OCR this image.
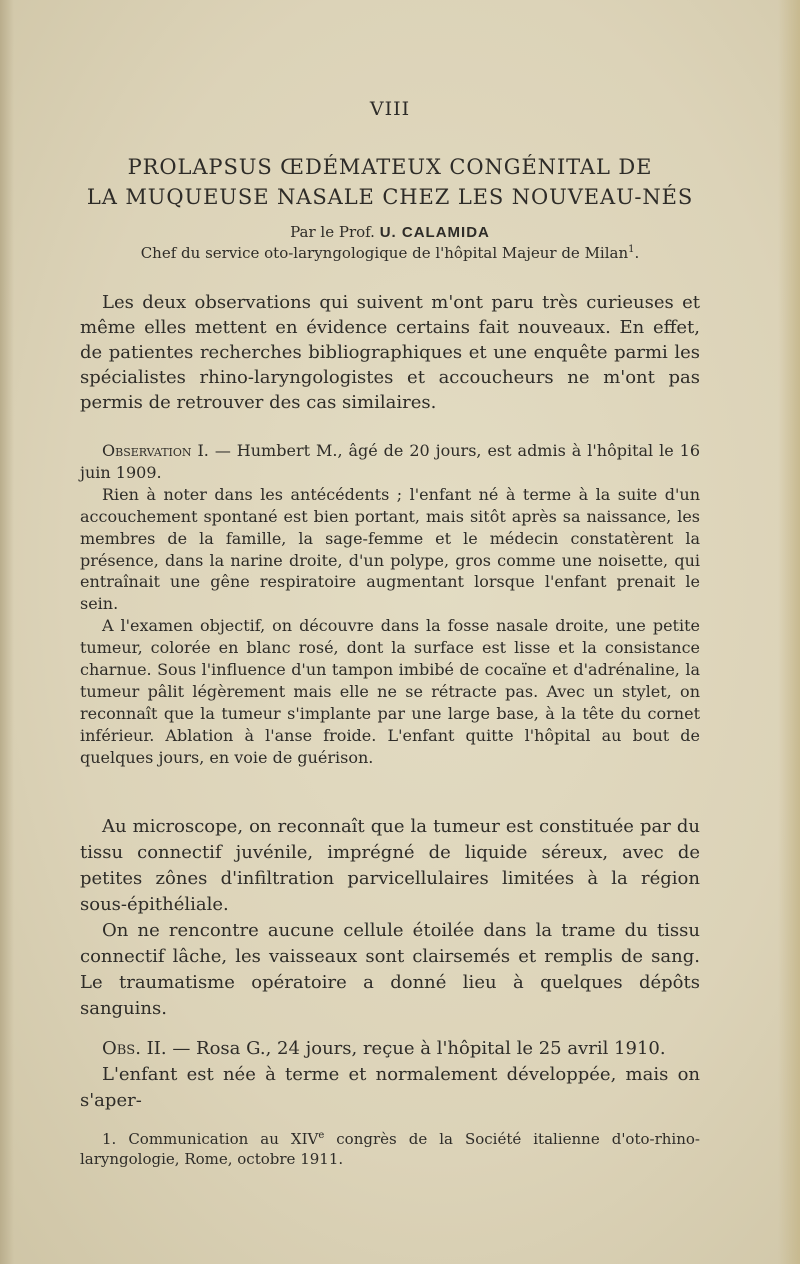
VIII
PROLAPSUS ŒDÉMATEUX CONGÉNITAL DE
LA MUQUEUSE NASALE CHEZ LES NOUVEAU-NÉS
Par le Prof. U. CALAMIDA
Chef du service oto-laryngologique de l'hôpital Majeur de Milan$^1$.
Les deux observations qui suivent m'ont paru très curieuses et même elles mettent en évidence certains fait nouveaux. En effet, de patientes recherches bibliographiques et une enquête parmi les spécialistes rhino-laryngologistes et accoucheurs ne m'ont pas permis de retrouver des cas similaires.
Observation I. — Humbert M., âgé de 20 jours, est admis à l'hôpital le 16 juin 1909.
Rien à noter dans les antécédents ; l'enfant né à terme à la suite d'un accouchement spontané est bien portant, mais sitôt après sa naissance, les membres de la famille, la sage-femme et le médecin constatèrent la présence, dans la narine droite, d'un polype, gros comme une noisette, qui entraînait une gêne respiratoire augmentant lorsque l'enfant prenait le sein.
A l'examen objectif, on découvre dans la fosse nasale droite, une petite tumeur, colorée en blanc rosé, dont la surface est lisse et la consistance charnue. Sous l'influence d'un tampon imbibé de cocaïne et d'adrénaline, la tumeur pâlit légèrement mais elle ne se rétracte pas. Avec un stylet, on reconnaît que la tumeur s'implante par une large base, à la tête du cornet inférieur. Ablation à l'anse froide. L'enfant quitte l'hôpital au bout de quelques jours, en voie de guérison.
Au microscope, on reconnaît que la tumeur est constituée par du tissu connectif juvénile, imprégné de liquide séreux, avec de petites zônes d'infiltration parvicellulaires limitées à la région sous-épithéliale.
On ne rencontre aucune cellule étoilée dans la trame du tissu connectif lâche, les vaisseaux sont clairsemés et remplis de sang. Le traumatisme opératoire a donné lieu à quelques dépôts sanguins.
Obs. II. — Rosa G., 24 jours, reçue à l'hôpital le 25 avril 1910.
L'enfant est née à terme et normalement développée, mais on s'aper-
1. Communication au XIVe congrès de la Société italienne d'oto-rhino-laryngologie, Rome, octobre 1911.
